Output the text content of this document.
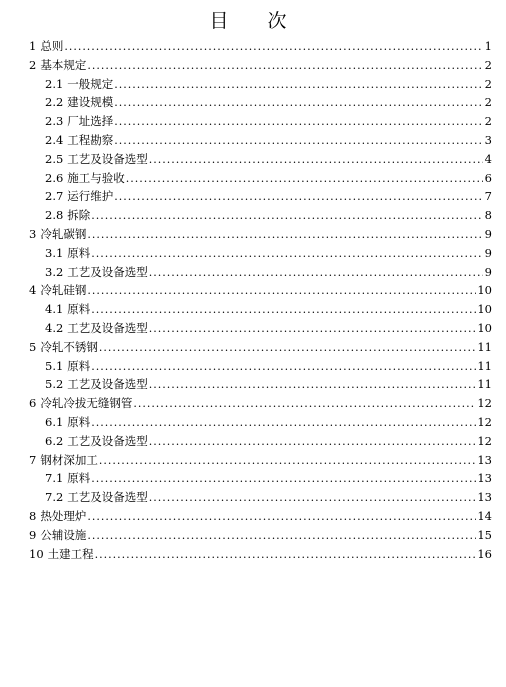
目　次
1 总则 .....	1
2 基本规定 .....	2
2.1 一般规定 .....	2
2.2 建设规模 .....	2
2.3 厂址选择 .....	2
2.4 工程勘察 .....	3
2.5 工艺及设备选型 .....	4
2.6 施工与验收 .....	6
2.7 运行维护 .....	7
2.8 拆除 .....	8
3 冷轧碳钢 .....	9
3.1 原料 .....	9
3.2 工艺及设备选型 .....	9
4 冷轧硅钢 .....	10
4.1 原料 .....	10
4.2 工艺及设备选型 .....	10
5 冷轧不锈钢 .....	11
5.1 原料 .....	11
5.2 工艺及设备选型 .....	11
6 冷轧冷拔无缝钢管 .....	12
6.1 原料 .....	12
6.2 工艺及设备选型 .....	12
7 钢材深加工 .....	13
7.1 原料 .....	13
7.2 工艺及设备选型 .....	13
8 热处理炉 .....	14
9 公辅设施 .....	15
10 土建工程 .....	16
